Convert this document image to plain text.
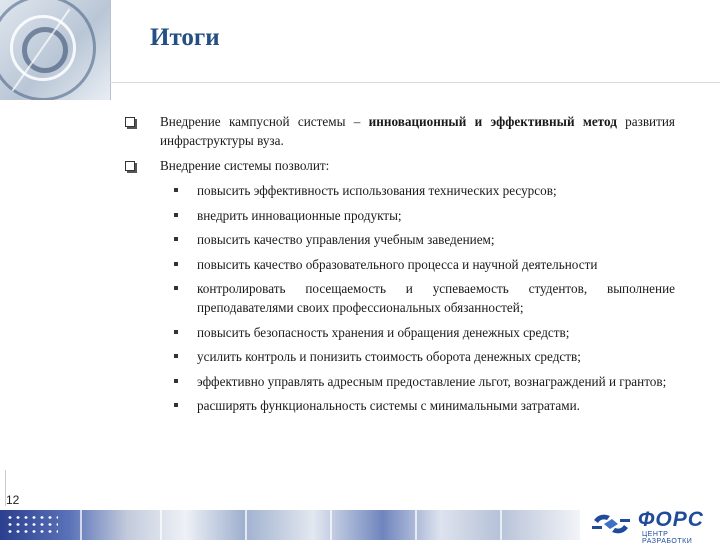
Итоги
Внедрение кампусной системы – инновационный и эффективный метод развития инфраструктуры вуза.
Внедрение системы позволит:
повысить эффективность использования технических ресурсов;
внедрить инновационные продукты;
повысить качество управления учебным заведением;
повысить качество образовательного процесса и научной деятельности
контролировать посещаемость и успеваемость студентов, выполнение преподавателями своих профессиональных обязанностей;
повысить безопасность хранения и обращения денежных средств;
усилить контроль и понизить стоимость оборота денежных средств;
эффективно управлять адресным предоставление льгот, вознаграждений и грантов;
расширять функциональность системы с минимальными затратами.
12
ФОРС
ЦЕНТР РАЗРАБОТКИ
